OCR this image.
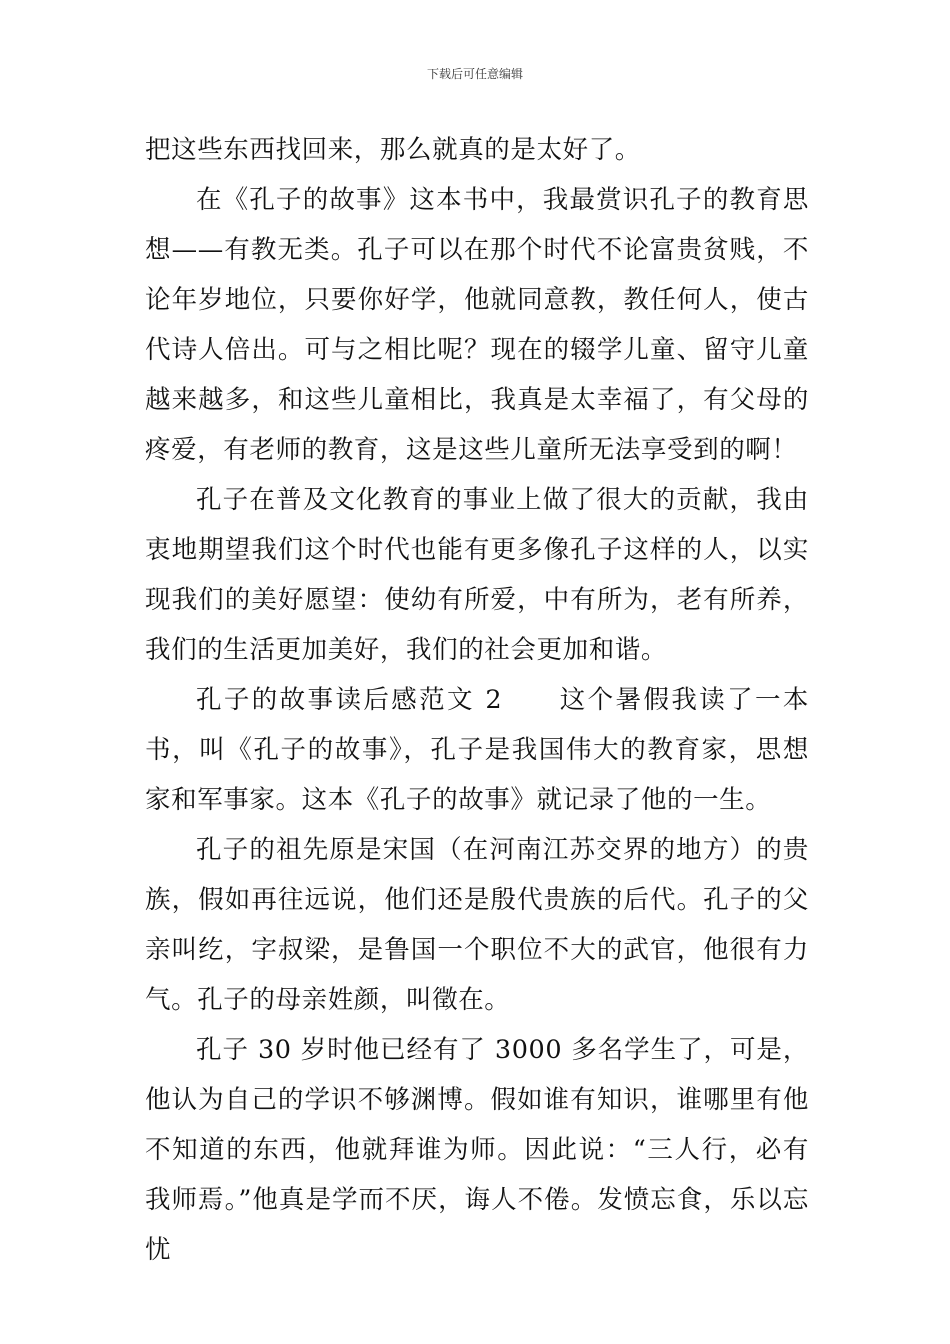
下载后可任意编辑

把这些东西找回来，那么就真的是太好了。

在《孔子的故事》这本书中，我最赏识孔子的教育思想——有教无类。孔子可以在那个时代不论富贵贫贱，不论年岁地位，只要你好学，他就同意教，教任何人，使古代诗人倍出。可与之相比呢？现在的辍学儿童、留守儿童越来越多，和这些儿童相比，我真是太幸福了，有父母的疼爱，有老师的教育，这是这些儿童所无法享受到的啊！

孔子在普及文化教育的事业上做了很大的贡献，我由衷地期望我们这个时代也能有更多像孔子这样的人，以实现我们的美好愿望：使幼有所爱，中有所为，老有所养，我们的生活更加美好，我们的社会更加和谐。

孔子的故事读后感范文 2　　这个暑假我读了一本书，叫《孔子的故事》，孔子是我国伟大的教育家，思想家和军事家。这本《孔子的故事》就记录了他的一生。

孔子的祖先原是宋国（在河南江苏交界的地方）的贵族，假如再往远说，他们还是殷代贵族的后代。孔子的父亲叫纥，字叔梁，是鲁国一个职位不大的武官，他很有力气。孔子的母亲姓颜，叫徵在。

孔子 30 岁时他已经有了 3000 多名学生了，可是，他认为自己的学识不够渊博。假如谁有知识，谁哪里有他不知道的东西，他就拜谁为师。因此说：“三人行，必有我师焉。”他真是学而不厌，诲人不倦。发愤忘食，乐以忘忧
